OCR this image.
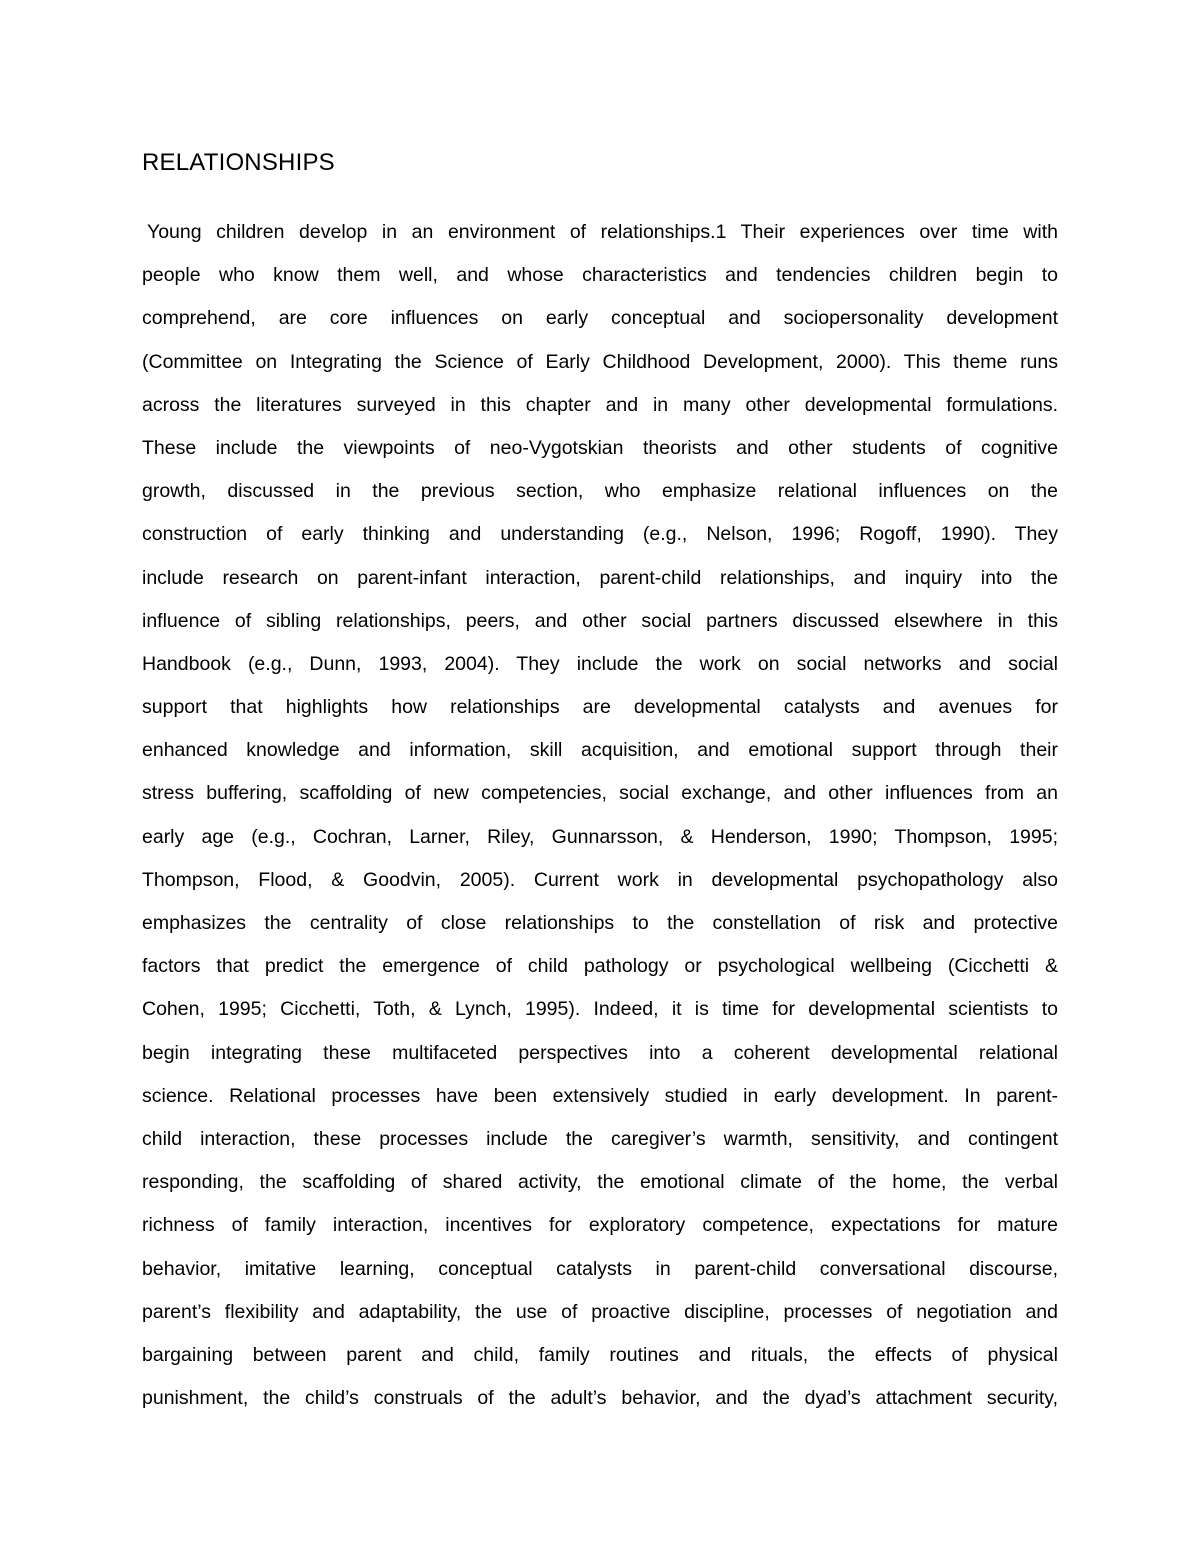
RELATIONSHIPS
Young children develop in an environment of relationships.1 Their experiences over time with
people who know them well, and whose characteristics and tendencies children begin to
comprehend, are core influences on early conceptual and sociopersonality development
(Committee on Integrating the Science of Early Childhood Development, 2000). This theme runs
across the literatures surveyed in this chapter and in many other developmental formulations.
These include the viewpoints of neo-Vygotskian theorists and other students of cognitive
growth, discussed in the previous section, who emphasize relational influences on the
construction of early thinking and understanding (e.g., Nelson, 1996; Rogoff, 1990). They
include research on parent-infant interaction, parent-child relationships, and inquiry into the
influence of sibling relationships, peers, and other social partners discussed elsewhere in this
Handbook (e.g., Dunn, 1993, 2004). They include the work on social networks and social
support that highlights how relationships are developmental catalysts and avenues for
enhanced knowledge and information, skill acquisition, and emotional support through their
stress buffering, scaffolding of new competencies, social exchange, and other influences from an
early age (e.g., Cochran, Larner, Riley, Gunnarsson, & Henderson, 1990; Thompson, 1995;
Thompson, Flood, & Goodvin, 2005). Current work in developmental psychopathology also
emphasizes the centrality of close relationships to the constellation of risk and protective
factors that predict the emergence of child pathology or psychological wellbeing (Cicchetti &
Cohen, 1995; Cicchetti, Toth, & Lynch, 1995). Indeed, it is time for developmental scientists to
begin integrating these multifaceted perspectives into a coherent developmental relational
science. Relational processes have been extensively studied in early development. In parent-
child interaction, these processes include the caregiver’s warmth, sensitivity, and contingent
responding, the scaffolding of shared activity, the emotional climate of the home, the verbal
richness of family interaction, incentives for exploratory competence, expectations for mature
behavior, imitative learning, conceptual catalysts in parent-child conversational discourse,
parent’s flexibility and adaptability, the use of proactive discipline, processes of negotiation and
bargaining between parent and child, family routines and rituals, the effects of physical
punishment, the child’s construals of the adult’s behavior, and the dyad’s attachment security,
